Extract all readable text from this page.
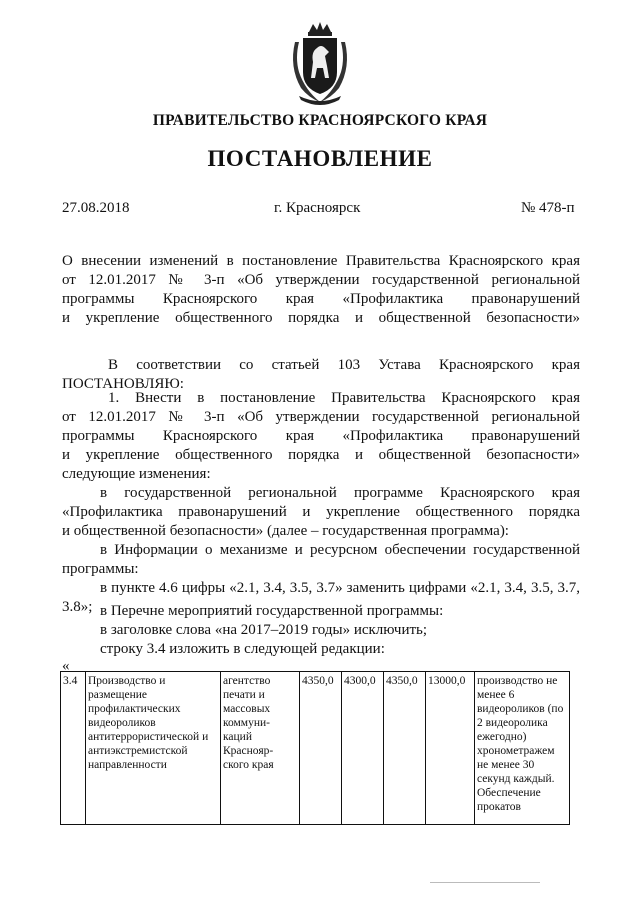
ПРАВИТЕЛЬСТВО КРАСНОЯРСКОГО КРАЯ
ПОСТАНОВЛЕНИЕ
27.08.2018	г. Красноярск	№ 478-п
О внесении изменений в постановление Правительства Красноярского края
от 12.01.2017 № 3-п «Об утверждении государственной региональной
программы Красноярского края «Профилактика правонарушений
и укрепление общественного порядка и общественной безопасности»
В соответствии со статьей 103 Устава Красноярского края
ПОСТАНОВЛЯЮ:
1. Внести в постановление Правительства Красноярского края
от 12.01.2017 № 3-п «Об утверждении государственной региональной
программы Красноярского края «Профилактика правонарушений
и укрепление общественного порядка и общественной безопасности»
следующие изменения:
в государственной региональной программе Красноярского края
«Профилактика правонарушений и укрепление общественного порядка
и общественной безопасности» (далее – государственная программа):
в Информации о механизме и ресурсном обеспечении государственной
программы:
в пункте 4.6 цифры «2.1, 3.4, 3.5, 3.7» заменить цифрами «2.1, 3.4, 3.5, 3.7,
3.8»; в Перечне мероприятий государственной программы:
в заголовке слова «на 2017–2019 годы» исключить;
строку 3.4 изложить в следующей редакции:
«
3.4	Производство и размещение профилактических видеороликов антитеррористической и антиэкстремистской направленности	агентство печати и массовых коммуни-каций Краснояр-ского края	4350,0	4300,0	4350,0	13000,0	производство не менее 6 видеороликов (по 2 видеоролика ежегодно) хронометражем не менее 30 секунд каждый. Обеспечение прокатов
